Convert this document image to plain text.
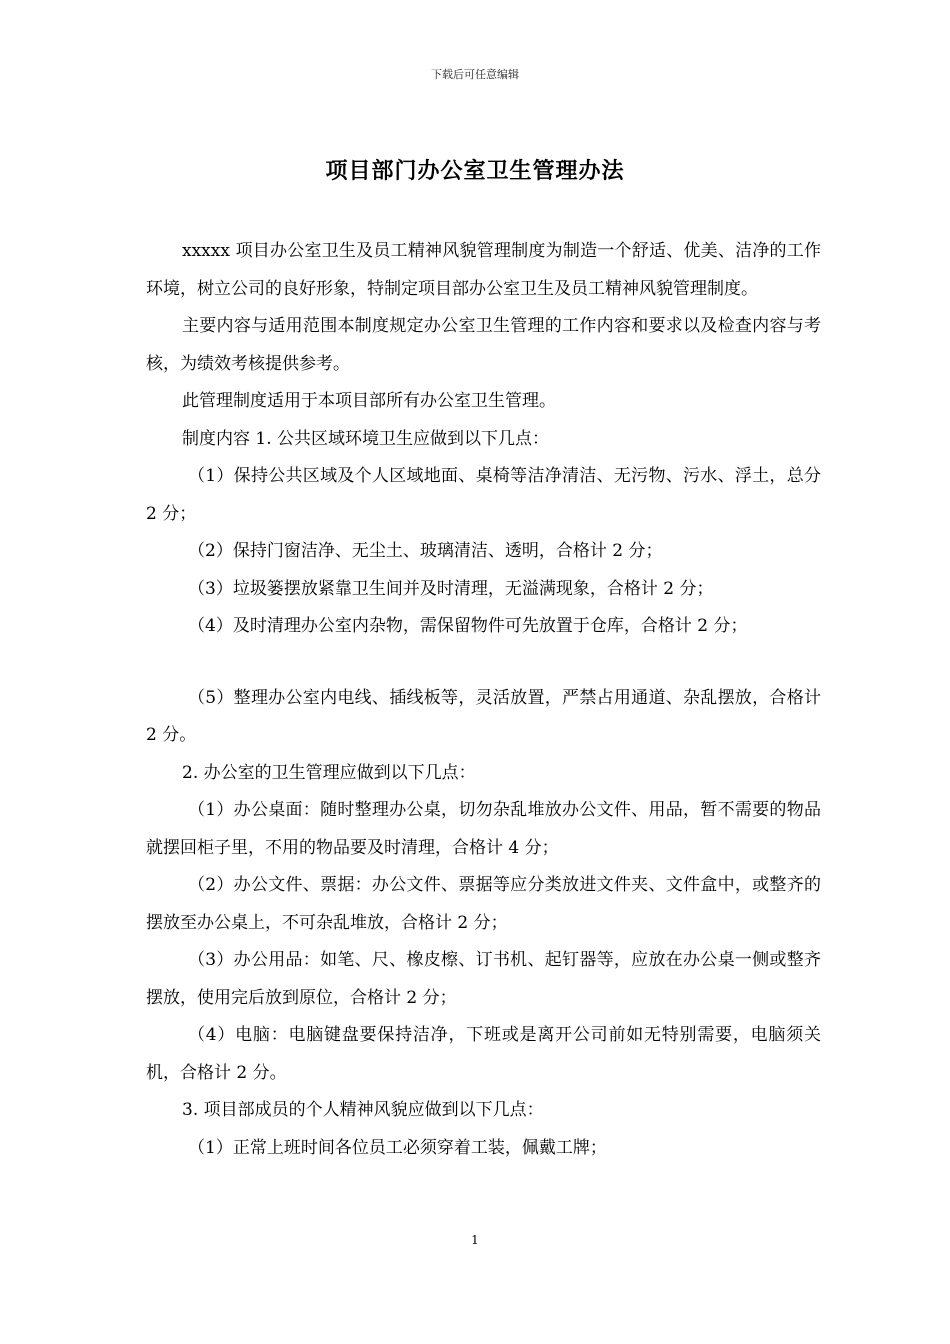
下载后可任意编辑
项目部门办公室卫生管理办法

xxxxx 项目办公室卫生及员工精神风貌管理制度为制造一个舒适、优美、洁净的工作环境，树立公司的良好形象，特制定项目部办公室卫生及员工精神风貌管理制度。

主要内容与适用范围本制度规定办公室卫生管理的工作内容和要求以及检查内容与考核，为绩效考核提供参考。

此管理制度适用于本项目部所有办公室卫生管理。

制度内容 1. 公共区域环境卫生应做到以下几点：

（1）保持公共区域及个人区域地面、桌椅等洁净清洁、无污物、污水、浮土，总分 2 分；

（2）保持门窗洁净、无尘土、玻璃清洁、透明，合格计 2 分；

（3）垃圾篓摆放紧靠卫生间并及时清理，无溢满现象，合格计 2 分；

（4）及时清理办公室内杂物，需保留物件可先放置于仓库，合格计 2 分；

（5）整理办公室内电线、插线板等，灵活放置，严禁占用通道、杂乱摆放，合格计 2 分。

2. 办公室的卫生管理应做到以下几点：

（1）办公桌面：随时整理办公桌，切勿杂乱堆放办公文件、用品，暂不需要的物品就摆回柜子里，不用的物品要及时清理，合格计 4 分；

（2）办公文件、票据：办公文件、票据等应分类放进文件夹、文件盒中，或整齐的摆放至办公桌上，不可杂乱堆放，合格计 2 分；

（3）办公用品：如笔、尺、橡皮檫、订书机、起钉器等，应放在办公桌一侧或整齐摆放，使用完后放到原位，合格计 2 分；

（4）电脑：电脑键盘要保持洁净，下班或是离开公司前如无特别需要，电脑须关机，合格计 2 分。

3. 项目部成员的个人精神风貌应做到以下几点：

（1）正常上班时间各位员工必须穿着工装，佩戴工牌；

1
